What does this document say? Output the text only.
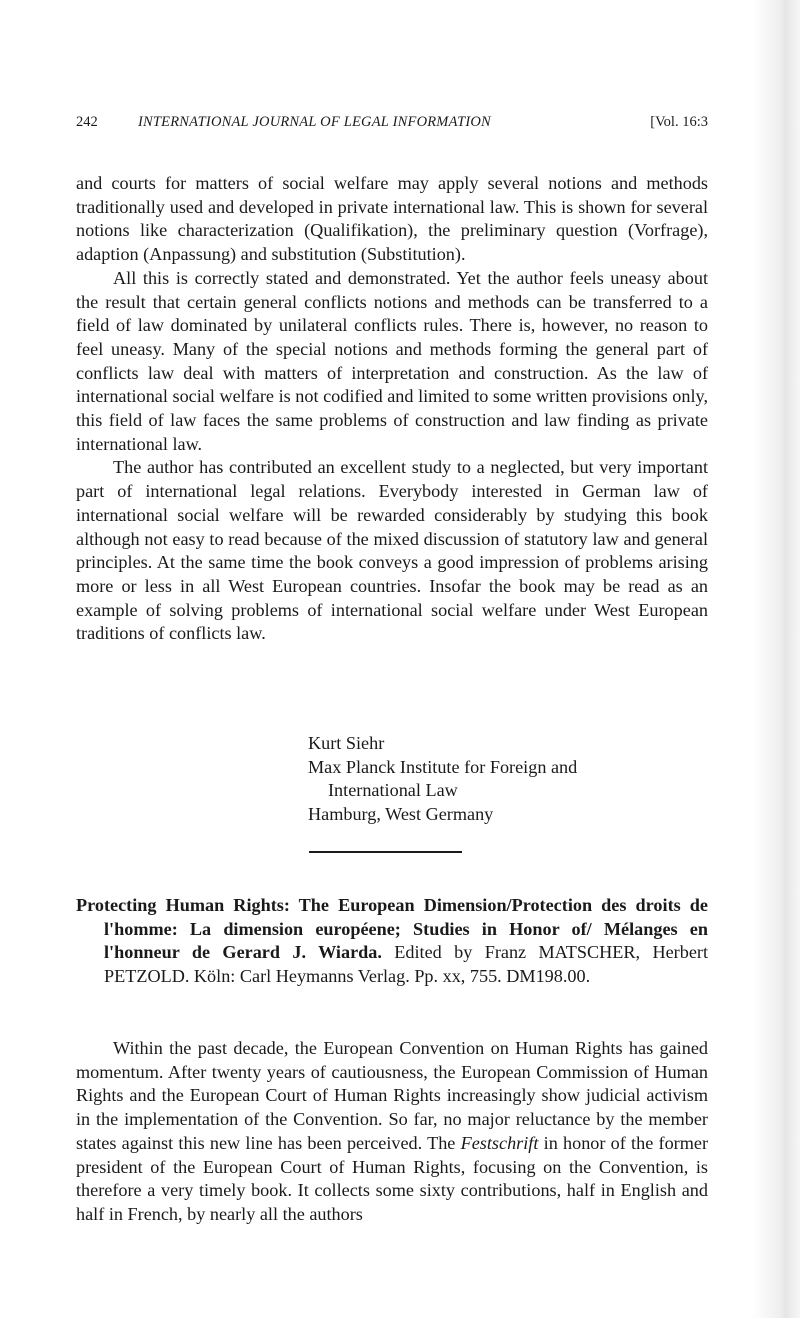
242	INTERNATIONAL JOURNAL OF LEGAL INFORMATION	[Vol. 16:3

and courts for matters of social welfare may apply several notions and methods traditionally used and developed in private international law. This is shown for several notions like characterization (Qualifikation), the preliminary question (Vorfrage), adaption (Anpassung) and substitution (Substitution).

All this is correctly stated and demonstrated. Yet the author feels uneasy about the result that certain general conflicts notions and methods can be transferred to a field of law dominated by unilateral conflicts rules. There is, however, no reason to feel uneasy. Many of the special notions and methods forming the general part of conflicts law deal with matters of interpretation and construction. As the law of international social welfare is not codified and limited to some written provisions only, this field of law faces the same problems of construction and law finding as private international law.

The author has contributed an excellent study to a neglected, but very important part of international legal relations. Everybody interested in German law of international social welfare will be rewarded considerably by studying this book although not easy to read because of the mixed discussion of statutory law and general principles. At the same time the book conveys a good impression of problems arising more or less in all West European countries. Insofar the book may be read as an example of solving problems of international social welfare under West European traditions of conflicts law.

Kurt Siehr
Max Planck Institute for Foreign and
International Law
Hamburg, West Germany
Protecting Human Rights: The European Dimension/Protection des droits de l'homme: La dimension européene; Studies in Honor of/ Mélanges en l'honneur de Gerard J. Wiarda. Edited by Franz MATSCHER, Herbert PETZOLD. Köln: Carl Heymanns Verlag. Pp. xx, 755. DM198.00.

Within the past decade, the European Convention on Human Rights has gained momentum. After twenty years of cautiousness, the European Commission of Human Rights and the European Court of Human Rights increasingly show judicial activism in the implementation of the Convention. So far, no major reluctance by the member states against this new line has been perceived. The Festschrift in honor of the former president of the European Court of Human Rights, focusing on the Convention, is therefore a very timely book. It collects some sixty contributions, half in English and half in French, by nearly all the authors
